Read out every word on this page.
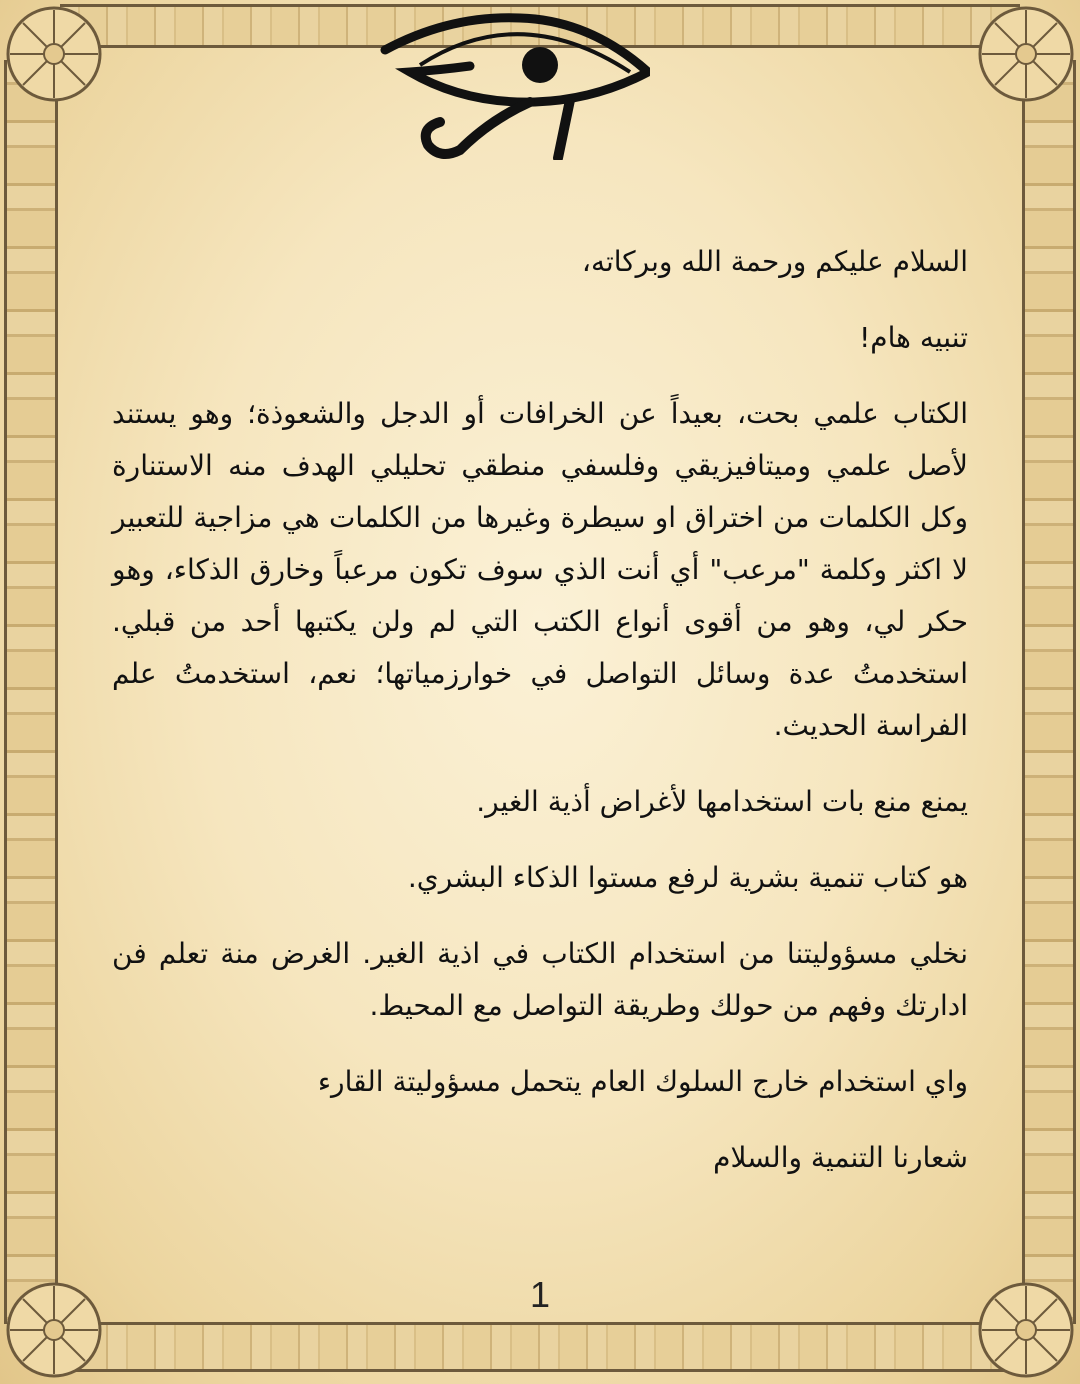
السلام عليكم ورحمة الله وبركاته،

تنبيه هام!

الكتاب علمي بحت، بعيداً عن الخرافات أو الدجل والشعوذة؛ وهو يستند لأصل علمي وميتافيزيقي وفلسفي منطقي تحليلي الهدف منه الاستنارة وكل الكلمات من اختراق او سيطرة وغيرها من الكلمات هي مزاجية للتعبير لا اكثر وكلمة "مرعب" أي أنت الذي سوف تكون مرعباً وخارق الذكاء، وهو حكر لي، وهو من أقوى أنواع الكتب التي لم ولن يكتبها أحد من قبلي. استخدمتُ عدة وسائل التواصل في خوارزمياتها؛ نعم، استخدمتُ علم الفراسة الحديث.

يمنع منع بات استخدامها لأغراض أذية الغير.

هو كتاب تنمية بشرية لرفع مستوا الذكاء البشري.

نخلي مسؤوليتنا من استخدام الكتاب في اذية الغير. الغرض منة تعلم فن ادارتك وفهم من حولك وطريقة التواصل مع المحيط.

واي استخدام خارج السلوك العام يتحمل مسؤوليتة القارء

شعارنا التنمية والسلام

1
